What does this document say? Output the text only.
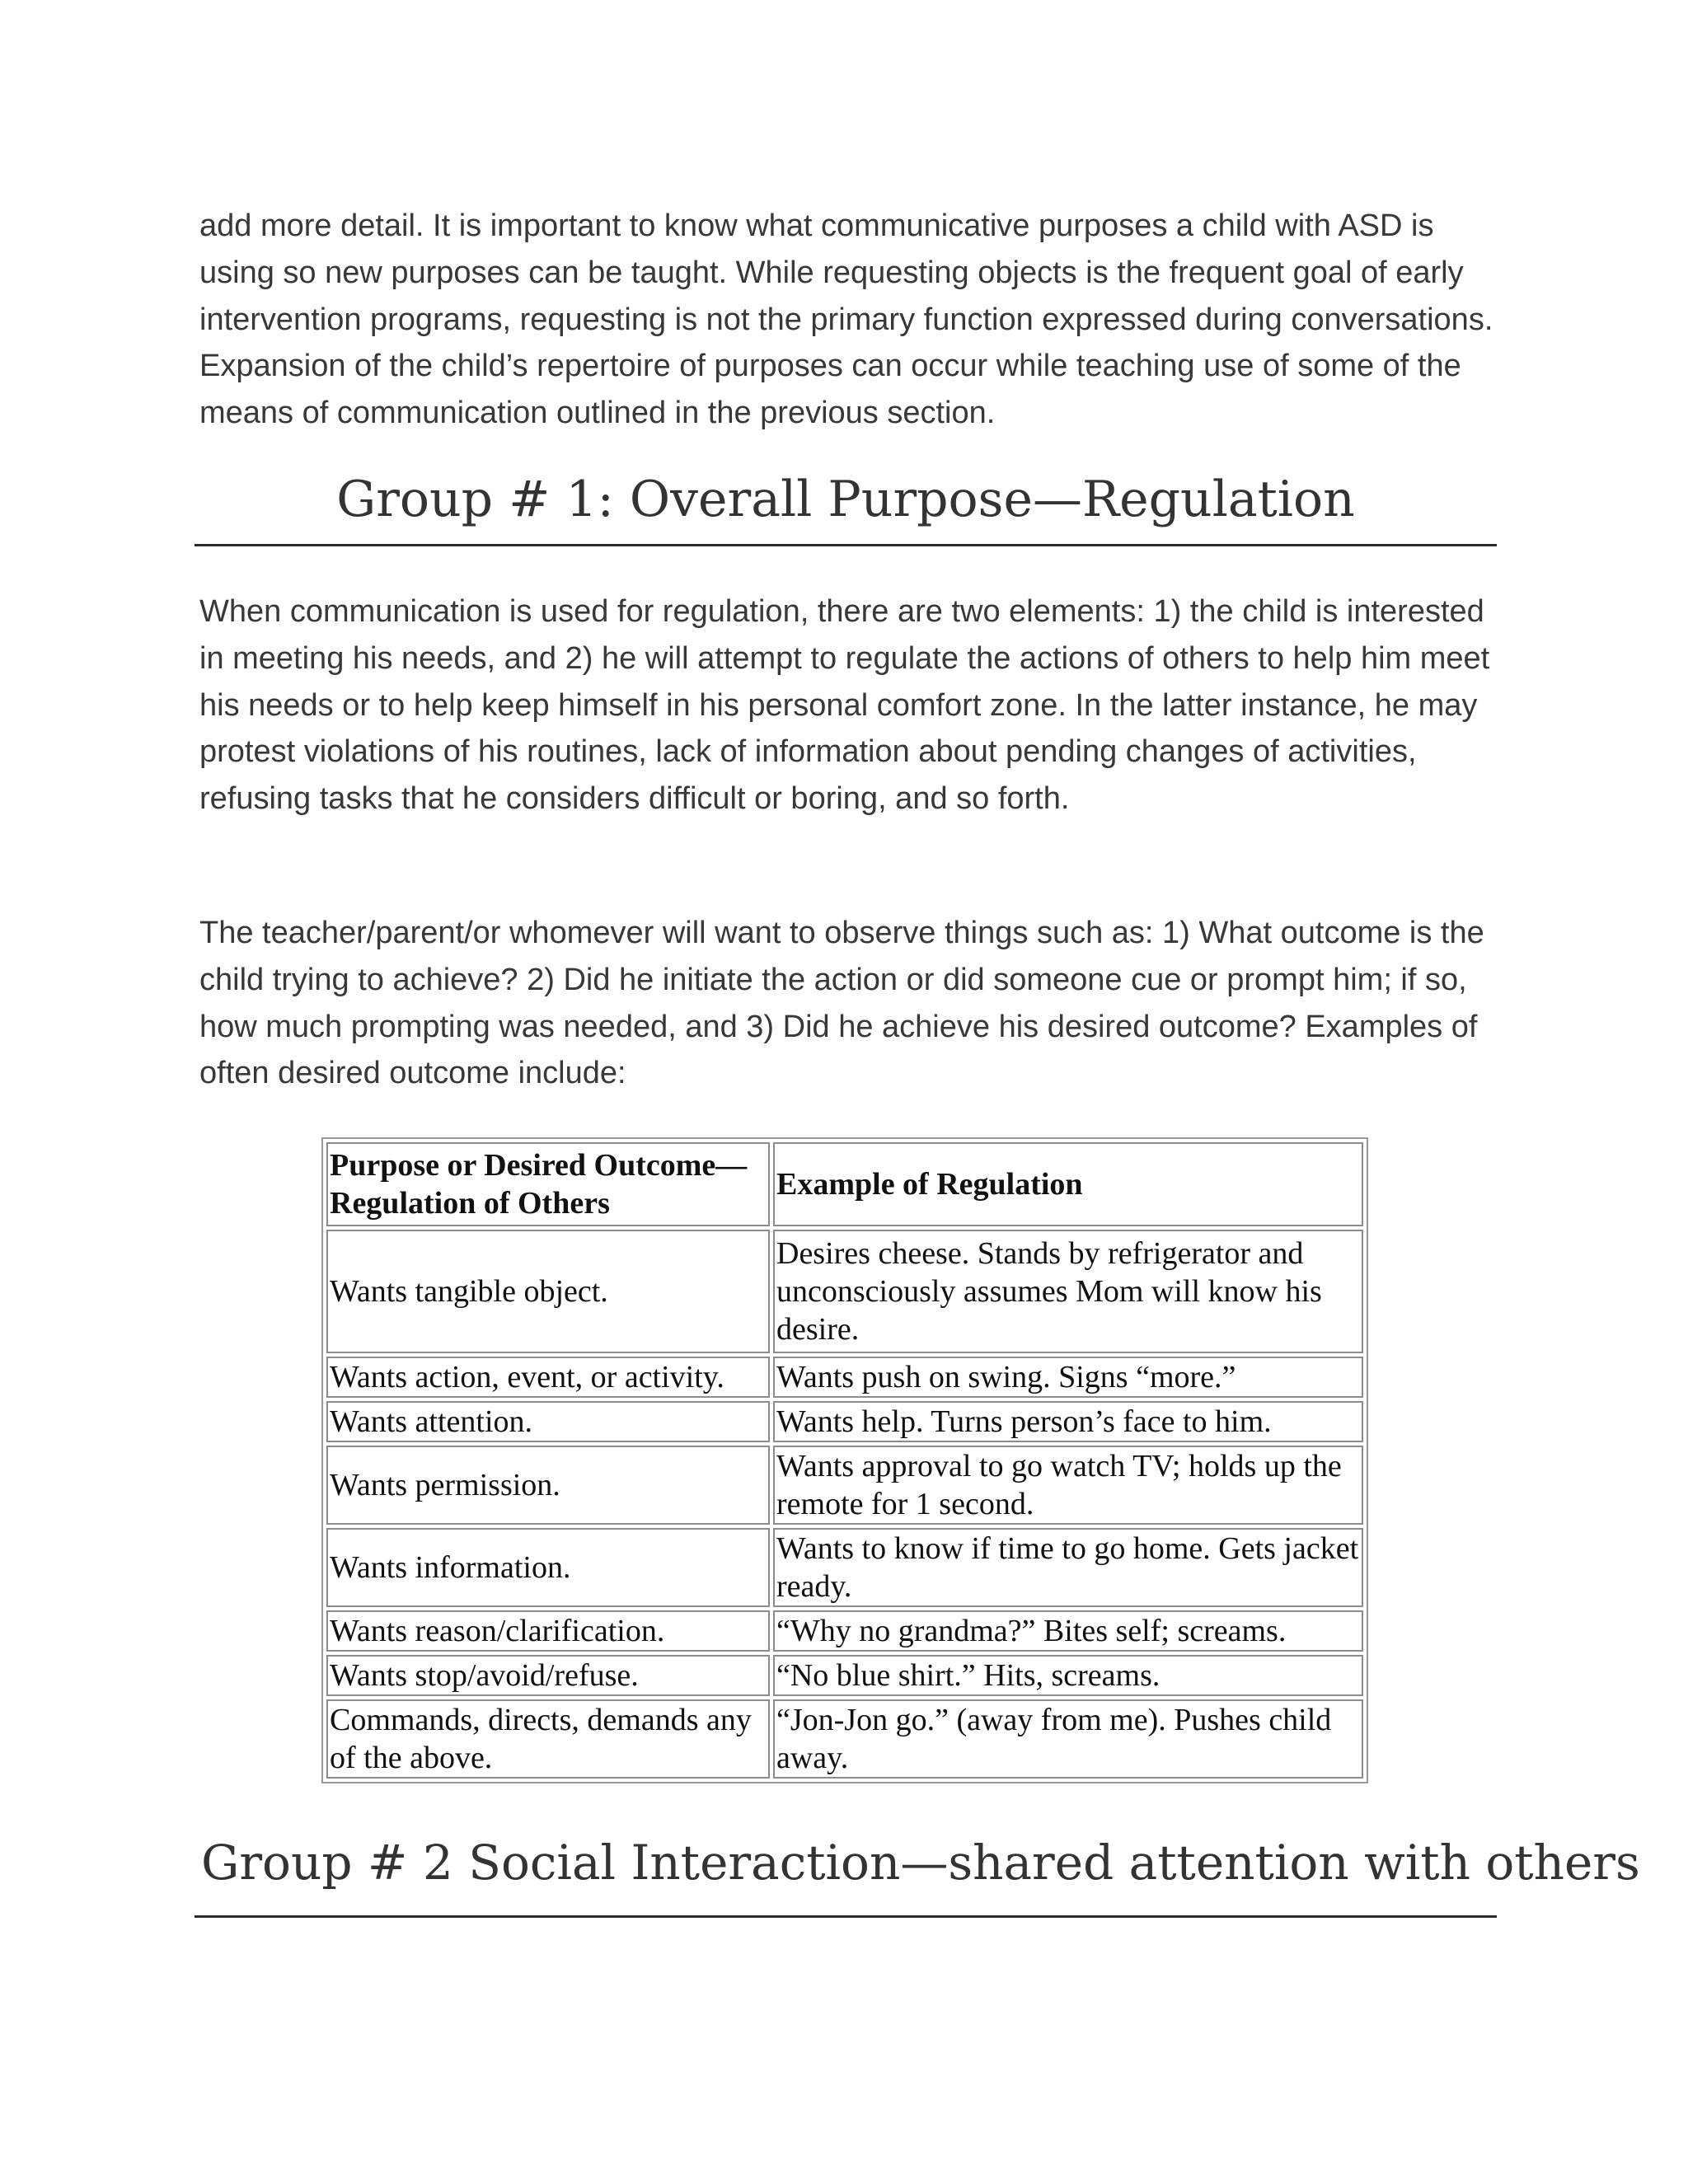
add more detail. It is important to know what communicative purposes a child with ASD is using so new purposes can be taught. While requesting objects is the frequent goal of early intervention programs, requesting is not the primary function expressed during conversations. Expansion of the child’s repertoire of purposes can occur while teaching use of some of the means of communication outlined in the previous section.

Group # 1: Overall Purpose—Regulation

When communication is used for regulation, there are two elements: 1) the child is interested in meeting his needs, and 2) he will attempt to regulate the actions of others to help him meet his needs or to help keep himself in his personal comfort zone. In the latter instance, he may protest violations of his routines, lack of information about pending changes of activities, refusing tasks that he considers difficult or boring, and so forth.

The teacher/parent/or whomever will want to observe things such as: 1) What outcome is the child trying to achieve? 2) Did he initiate the action or did someone cue or prompt him; if so, how much prompting was needed, and 3) Did he achieve his desired outcome? Examples of often desired outcome include:

Purpose or Desired Outcome—Regulation of Others	Example of Regulation
Wants tangible object.	Desires cheese. Stands by refrigerator and unconsciously assumes Mom will know his desire.
Wants action, event, or activity.	Wants push on swing. Signs “more.”
Wants attention.	Wants help. Turns person’s face to him.
Wants permission.	Wants approval to go watch TV; holds up the remote for 1 second.
Wants information.	Wants to know if time to go home. Gets jacket ready.
Wants reason/clarification.	“Why no grandma?” Bites self; screams.
Wants stop/avoid/refuse.	“No blue shirt.” Hits, screams.
Commands, directs, demands any of the above.	“Jon-Jon go.” (away from me). Pushes child away.
Group # 2 Social Interaction—shared attention with others
